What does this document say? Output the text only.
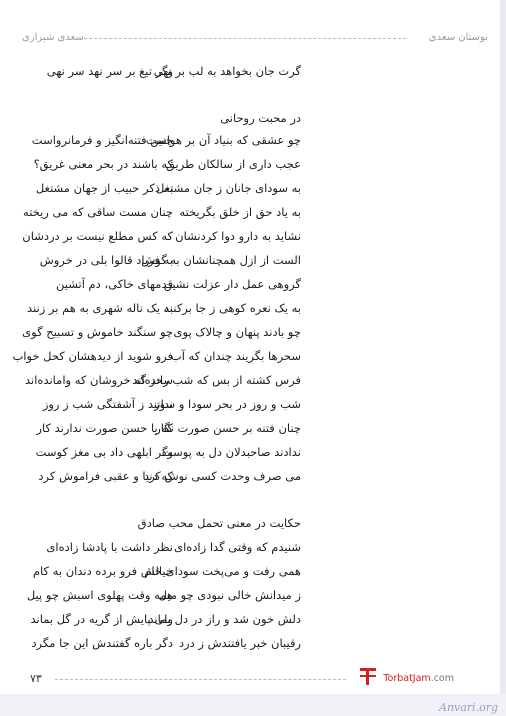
بوستان سعدی
سعدی شیرازی
گرت جان بخواهد به لب بر نهی
وگر تیغ بر سر نهد سر نهی
در محبت روحانی
چو عشقی که بنیاد آن بر هواست
چنین فتنه‌انگیز و فرمانرواست
عجب داری از سالکان طریق
که باشند در بحر معنی غریق؟
به سودای جانان ز جان مشتغل
به ذکر حبیب از جهان مشتغل
به یاد حق از خلق بگریخته
چنان مست ساقی که می ریخته
نشاید به دارو دوا کردنشان
که کس مطلع نیست بر دردشان
الست از ازل همچنانشان به گوش
به فریاد قالوا بلی در خروش
گروهی عمل دار عزلت نشین
قدمهای خاکی، دم آتشین
به یک نعره کوهی ز جا برکنند
به یک ناله شهری به هم بر زنند
چو بادند پنهان و چالاک پوی
چو سنگند خاموش و تسبیح گوی
سحرها بگریند چندان که آب
فرو شوید از دیدهشان کحل خواب
فرس کشته از بس که شب رانده‌اند
سحر گه خروشان که وامانده‌اند
شب و روز در بحر سودا و سوز
ندانند ز آشفتگی شب ز روز
چنان فتنه بر حسن صورت نگار
که با حسن صورت ندارند کار
ندادند صاحبدلان دل به پوست
وگر ابلهی داد بی مغز کوست
می صرف وحدت کسی نوش کرد
که دنیا و عقبی فراموش کرد
حکایت در معنی تحمل محب صادق
شنیدم که وقتی گدا زاده‌ای
نظر داشت با پادشا زاده‌ای
همی رفت و می‌پخت سودای خام
خیالش فرو برده دندان به کام
ز میدانش خالی نبودی چو میل
همه وقت پهلوی اسبش چو پیل
دلش خون شد و راز در دل بماند
ولی پایش از گریه در گل بماند
رقیبان خبر یافتندش ز درد
دگر باره گفتندش این جا مگرد
۷۳	TorbatJam.com
Anvari.org
